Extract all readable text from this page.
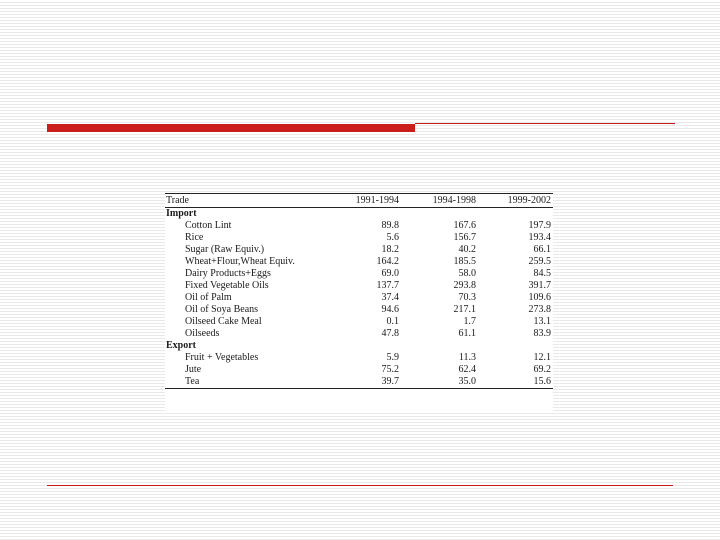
Trade	1991-1994	1994-1998	1999-2002
Import			
Cotton Lint	89.8	167.6	197.9
Rice	5.6	156.7	193.4
Sugar (Raw Equiv.)	18.2	40.2	66.1
Wheat+Flour,Wheat Equiv.	164.2	185.5	259.5
Dairy Products+Eggs	69.0	58.0	84.5
Fixed Vegetable Oils	137.7	293.8	391.7
Oil of Palm	37.4	70.3	109.6
Oil of Soya Beans	94.6	217.1	273.8
Oilseed Cake Meal	0.1	1.7	13.1
Oilseeds	47.8	61.1	83.9
Export			
Fruit + Vegetables	5.9	11.3	12.1
Jute	75.2	62.4	69.2
Tea	39.7	35.0	15.6
